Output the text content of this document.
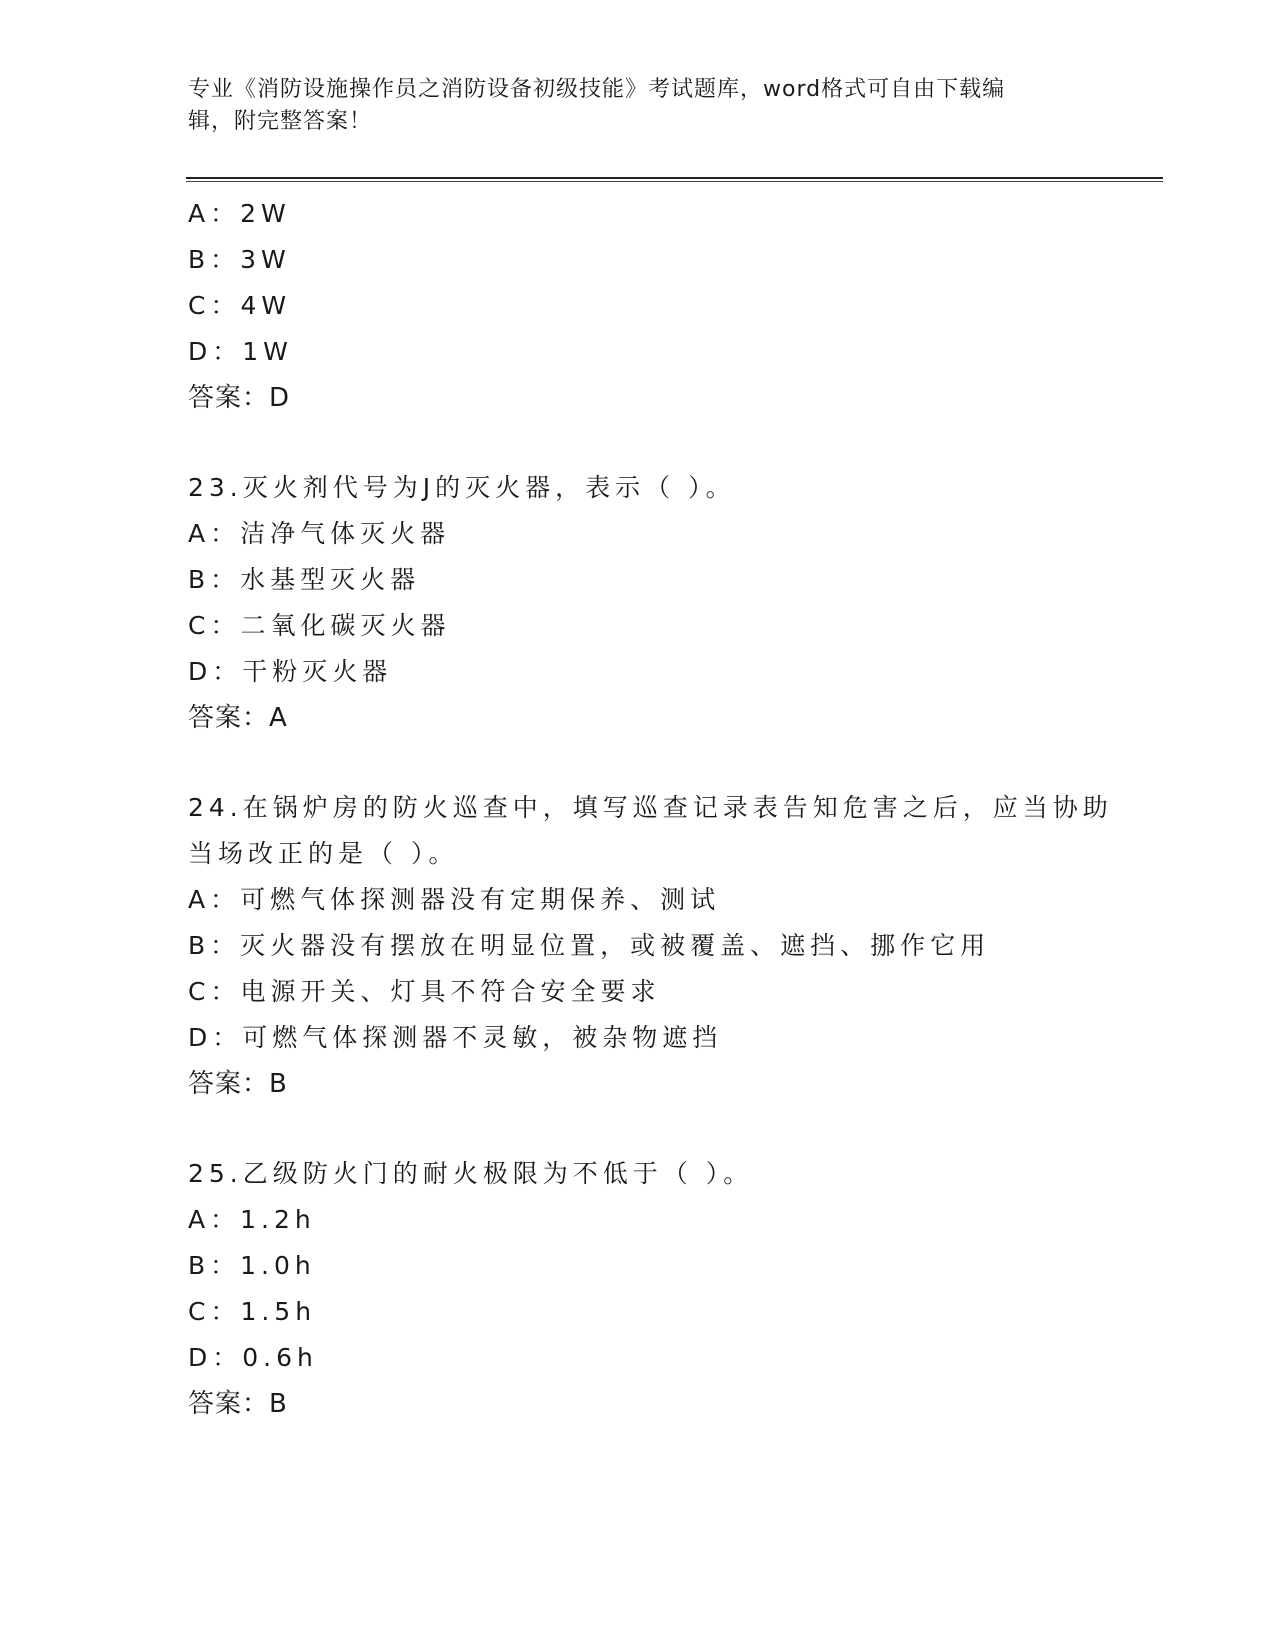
专业《消防设施操作员之消防设备初级技能》考试题库，word格式可自由下载编
辑，附完整答案！
A：2W
B：3W
C：4W
D：1W
答案：D
23.灭火剂代号为J的灭火器，表示（ ）。
A：洁净气体灭火器
B：水基型灭火器
C：二氧化碳灭火器
D：干粉灭火器
答案：A
24.在锅炉房的防火巡查中，填写巡查记录表告知危害之后，应当协助
当场改正的是（ ）。
A：可燃气体探测器没有定期保养、测试
B：灭火器没有摆放在明显位置，或被覆盖、遮挡、挪作它用
C：电源开关、灯具不符合安全要求
D：可燃气体探测器不灵敏，被杂物遮挡
答案：B
25.乙级防火门的耐火极限为不低于（ ）。
A：1.2h
B：1.0h
C：1.5h
D：0.6h
答案：B
